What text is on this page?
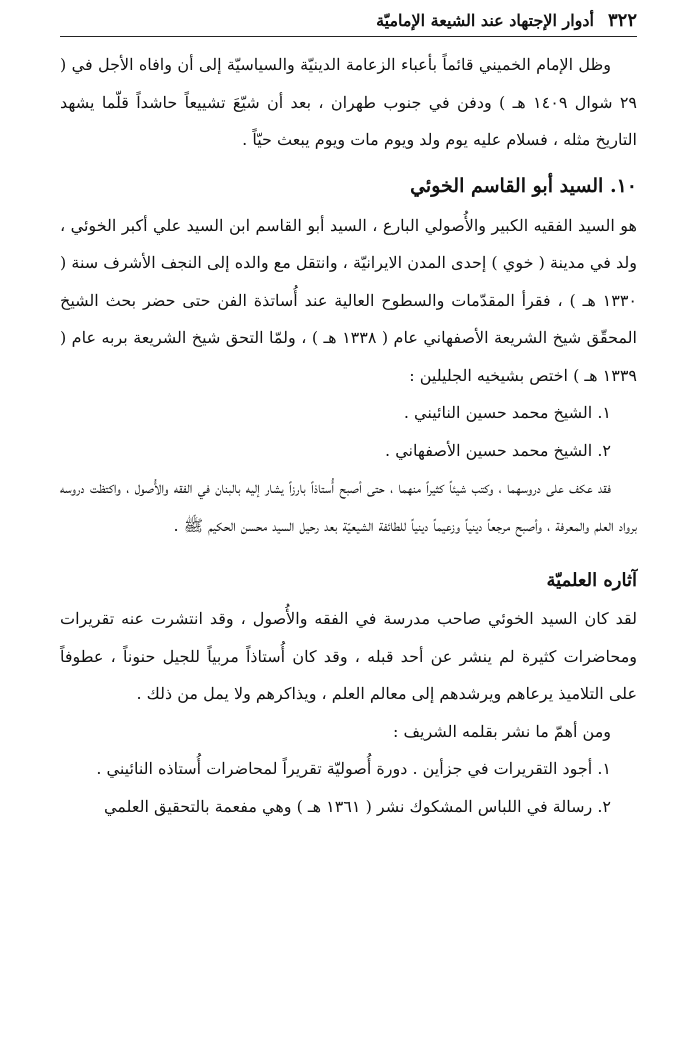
٣٢٢
أدوار الإجتهاد عند الشيعة الإماميّة

وظل الإمام الخميني قائماً بأعباء الزعامة الدينيّة والسياسيّة إلى أن وافاه الأجل في ( ٢٩ شوال ١٤٠٩ هـ ) ودفن في جنوب طهران ، بعد أن شيّعَ تشييعاً حاشداً قلّما يشهد التاريخ مثله ، فسلام عليه يوم ولد ويوم مات ويوم يبعث حيّاً .

١٠. السيد أبو القاسم الخوئي

هو السيد الفقيه الكبير والأُصولي البارع ، السيد أبو القاسم ابن السيد علي أكبر الخوئي ، ولد في مدينة ( خوي ) إحدى المدن الايرانيّة ، وانتقل مع والده إلى النجف الأشرف سنة ( ١٣٣٠ هـ ) ، فقرأ المقدّمات والسطوح العالية عند أُساتذة الفن حتى حضر بحث الشيخ المحقّق شيخ الشريعة الأصفهاني عام ( ١٣٣٨ هـ ) ، ولمّا التحق شيخ الشريعة بربه عام ( ١٣٣٩ هـ ) اختص بشيخيه الجليلين :

١. الشيخ محمد حسين النائيني .
٢. الشيخ محمد حسين الأصفهاني .

فقد عكف على دروسهما ، وكتب شيئاً كثيراً منهما ، حتى أصبح أُستاذاً بارزاً يشار إليه بالبنان في الفقه والأُصول ، واكتظت دروسه برواد العلم والمعرفة ، وأصبح مرجعاً دينياً وزعيماً دينياً للطائفة الشيعيّة بعد رحيل السيد محسن الحكيم ﷺ .

آثاره العلميّة

لقد كان السيد الخوئي صاحب مدرسة في الفقه والأُصول ، وقد انتشرت عنه تقريرات ومحاضرات كثيرة لم ينشر عن أحد قبله ، وقد كان أُستاذاً مربياً للجيل حنوناً ، عطوفاً على التلاميذ يرعاهم ويرشدهم إلى معالم العلم ، ويذاكرهم ولا يمل من ذلك .

ومن أهمّ ما نشر بقلمه الشريف :

١. أجود التقريرات في جزأين . دورة أُصوليّة تقريراً لمحاضرات أُستاذه النائيني .
٢. رسالة في اللباس المشكوك نشر ( ١٣٦١ هـ ) وهي مفعمة بالتحقيق العلمي
